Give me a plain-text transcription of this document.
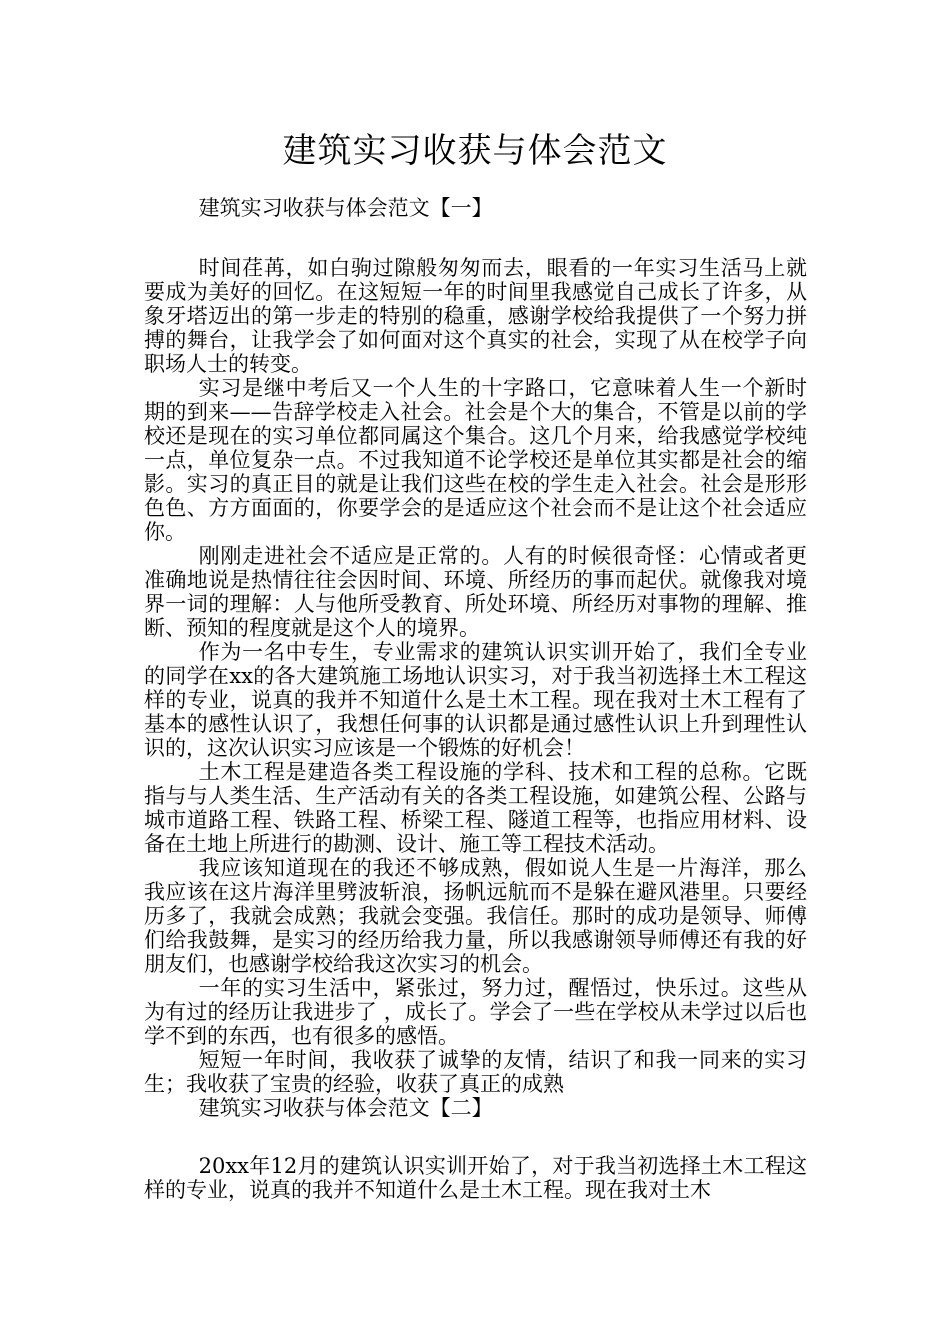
建筑实习收获与体会范文
建筑实习收获与体会范文【一】

时间荏苒，如白驹过隙般匆匆而去，眼看的一年实习生活马上就要成为美好的回忆。在这短短一年的时间里我感觉自己成长了许多，从象牙塔迈出的第一步走的特别的稳重，感谢学校给我提供了一个努力拼搏的舞台，让我学会了如何面对这个真实的社会，实现了从在校学子向职场人士的转变。

实习是继中考后又一个人生的十字路口，它意味着人生一个新时期的到来——告辞学校走入社会。社会是个大的集合，不管是以前的学校还是现在的实习单位都同属这个集合。这几个月来，给我感觉学校纯一点，单位复杂一点。不过我知道不论学校还是单位其实都是社会的缩影。实习的真正目的就是让我们这些在校的学生走入社会。社会是形形色色、方方面面的，你要学会的是适应这个社会而不是让这个社会适应你。

刚刚走进社会不适应是正常的。人有的时候很奇怪：心情或者更准确地说是热情往往会因时间、环境、所经历的事而起伏。就像我对境界一词的理解：人与他所受教育、所处环境、所经历对事物的理解、推断、预知的程度就是这个人的境界。

作为一名中专生，专业需求的建筑认识实训开始了，我们全专业的同学在xx的各大建筑施工场地认识实习，对于我当初选择土木工程这样的专业，说真的我并不知道什么是土木工程。现在我对土木工程有了基本的感性认识了，我想任何事的认识都是通过感性认识上升到理性认识的，这次认识实习应该是一个锻炼的好机会！

土木工程是建造各类工程设施的学科、技术和工程的总称。它既指与与人类生活、生产活动有关的各类工程设施，如建筑公程、公路与城市道路工程、铁路工程、桥梁工程、隧道工程等，也指应用材料、设备在土地上所进行的勘测、设计、施工等工程技术活动。

我应该知道现在的我还不够成熟，假如说人生是一片海洋，那么我应该在这片海洋里劈波斩浪，扬帆远航而不是躲在避风港里。只要经历多了，我就会成熟；我就会变强。我信任。那时的成功是领导、师傅们给我鼓舞，是实习的经历给我力量，所以我感谢领导师傅还有我的好朋友们，也感谢学校给我这次实习的机会。

一年的实习生活中，紧张过，努力过，醒悟过，快乐过。这些从为有过的经历让我进步了 ，成长了。学会了一些在学校从未学过以后也学不到的东西，也有很多的感悟。

短短一年时间，我收获了诚挚的友情，结识了和我一同来的实习生；我收获了宝贵的经验，收获了真正的成熟

建筑实习收获与体会范文【二】

20xx年12月的建筑认识实训开始了，对于我当初选择土木工程这样的专业，说真的我并不知道什么是土木工程。现在我对土木
